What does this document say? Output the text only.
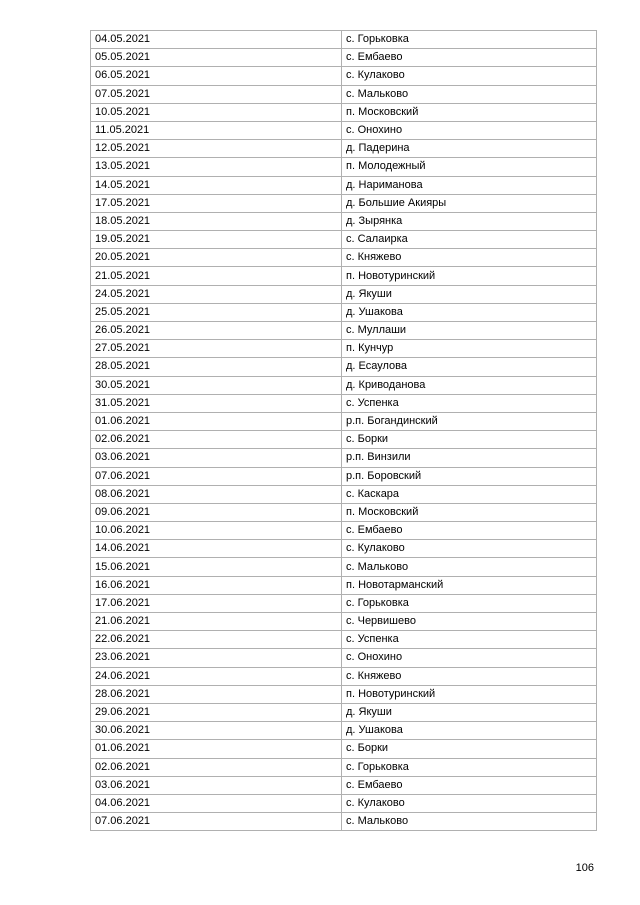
04.05.2021	с. Горьковка
05.05.2021	с. Ембаево
06.05.2021	с. Кулаково
07.05.2021	с. Мальково
10.05.2021	п. Московский
11.05.2021	с. Онохино
12.05.2021	д. Падерина
13.05.2021	п. Молодежный
14.05.2021	д. Нариманова
17.05.2021	д. Большие Акияры
18.05.2021	д. Зырянка
19.05.2021	с. Салаирка
20.05.2021	с. Княжево
21.05.2021	п. Новотуринский
24.05.2021	д. Якуши
25.05.2021	д. Ушакова
26.05.2021	с. Муллаши
27.05.2021	п. Кунчур
28.05.2021	д. Есаулова
30.05.2021	д. Криводанова
31.05.2021	с. Успенка
01.06.2021	р.п. Богандинский
02.06.2021	с. Борки
03.06.2021	р.п. Винзили
07.06.2021	р.п. Боровский
08.06.2021	с. Каскара
09.06.2021	п. Московский
10.06.2021	с. Ембаево
14.06.2021	с. Кулаково
15.06.2021	с. Мальково
16.06.2021	п. Новотарманский
17.06.2021	с. Горьковка
21.06.2021	с. Червишево
22.06.2021	с. Успенка
23.06.2021	с. Онохино
24.06.2021	с. Княжево
28.06.2021	п. Новотуринский
29.06.2021	д. Якуши
30.06.2021	д. Ушакова
01.06.2021	с. Борки
02.06.2021	с. Горьковка
03.06.2021	с. Ембаево
04.06.2021	с. Кулаково
07.06.2021	с. Мальково
106
